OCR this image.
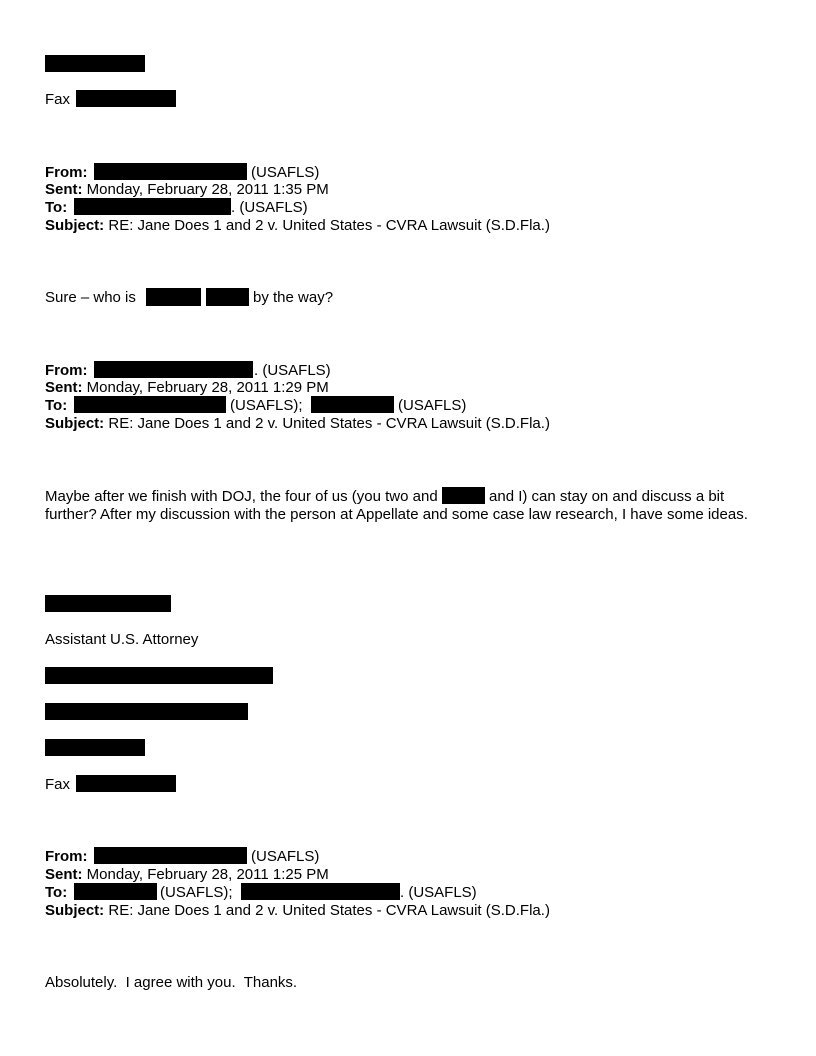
Fax
From:	(USAFLS)
Sent: Monday, February 28, 2011 1:35 PM
To:	. (USAFLS)
Subject: RE: Jane Does 1 and 2 v. United States - CVRA Lawsuit (S.D.Fla.)
Sure – who is	by the way?
From:	. (USAFLS)
Sent: Monday, February 28, 2011 1:29 PM
To:	(USAFLS);	(USAFLS)
Subject: RE: Jane Does 1 and 2 v. United States - CVRA Lawsuit (S.D.Fla.)
Maybe after we finish with DOJ, the four of us (you two and	and I) can stay on and discuss a bit further? After my discussion with the person at Appellate and some case law research, I have some ideas.
Assistant U.S. Attorney
Fax
From:	(USAFLS)
Sent: Monday, February 28, 2011 1:25 PM
To:	(USAFLS);	. (USAFLS)
Subject: RE: Jane Does 1 and 2 v. United States - CVRA Lawsuit (S.D.Fla.)
Absolutely.  I agree with you.  Thanks.
